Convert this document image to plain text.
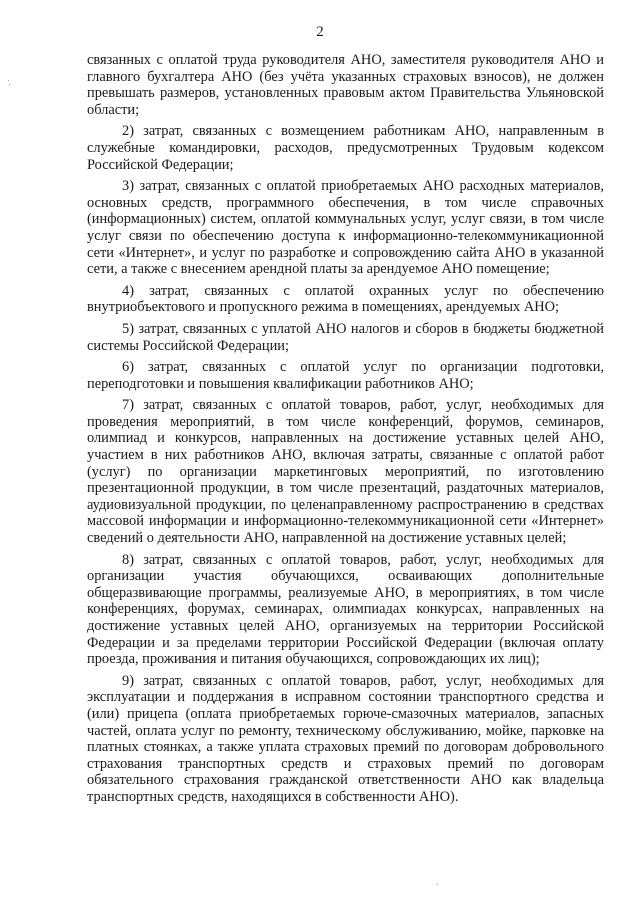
2

связанных с оплатой труда руководителя АНО, заместителя руководителя АНО и главного бухгалтера АНО (без учёта указанных страховых взносов), не должен превышать размеров, установленных правовым актом Правительства Ульяновской области;

2) затрат, связанных с возмещением работникам АНО, направленным в служебные командировки, расходов, предусмотренных Трудовым кодексом Российской Федерации;

3) затрат, связанных с оплатой приобретаемых АНО расходных материалов, основных средств, программного обеспечения, в том числе справочных (информационных) систем, оплатой коммунальных услуг, услуг связи, в том числе услуг связи по обеспечению доступа к информационно-телекоммуникационной сети «Интернет», и услуг по разработке и сопровождению сайта АНО в указанной сети, а также с внесением арендной платы за арендуемое АНО помещение;

4) затрат, связанных с оплатой охранных услуг по обеспечению внутриобъектового и пропускного режима в помещениях, арендуемых АНО;

5) затрат, связанных с уплатой АНО налогов и сборов в бюджеты бюджетной системы Российской Федерации;

6) затрат, связанных с оплатой услуг по организации подготовки, переподготовки и повышения квалификации работников АНО;

7) затрат, связанных с оплатой товаров, работ, услуг, необходимых для проведения мероприятий, в том числе конференций, форумов, семинаров, олимпиад и конкурсов, направленных на достижение уставных целей АНО, участием в них работников АНО, включая затраты, связанные с оплатой работ (услуг) по организации маркетинговых мероприятий, по изготовлению презентационной продукции, в том числе презентаций, раздаточных материалов, аудиовизуальной продукции, по целенаправленному распространению в средствах массовой информации и информационно-телекоммуникационной сети «Интернет» сведений о деятельности АНО, направленной на достижение уставных целей;

8) затрат, связанных с оплатой товаров, работ, услуг, необходимых для организации участия обучающихся, осваивающих дополнительные общеразвивающие программы, реализуемые АНО, в мероприятиях, в том числе конференциях, форумах, семинарах, олимпиадах конкурсах, направленных на достижение уставных целей АНО, организуемых на территории Российской Федерации и за пределами территории Российской Федерации (включая оплату проезда, проживания и питания обучающихся, сопровождающих их лиц);

9) затрат, связанных с оплатой товаров, работ, услуг, необходимых для эксплуатации и поддержания в исправном состоянии транспортного средства и (или) прицепа (оплата приобретаемых горюче-смазочных материалов, запасных частей, оплата услуг по ремонту, техническому обслуживанию, мойке, парковке на платных стоянках, а также уплата страховых премий по договорам добровольного страхования транспортных средств и страховых премий по договорам обязательного страхования гражданской ответственности АНО как владельца транспортных средств, находящихся в собственности АНО).
